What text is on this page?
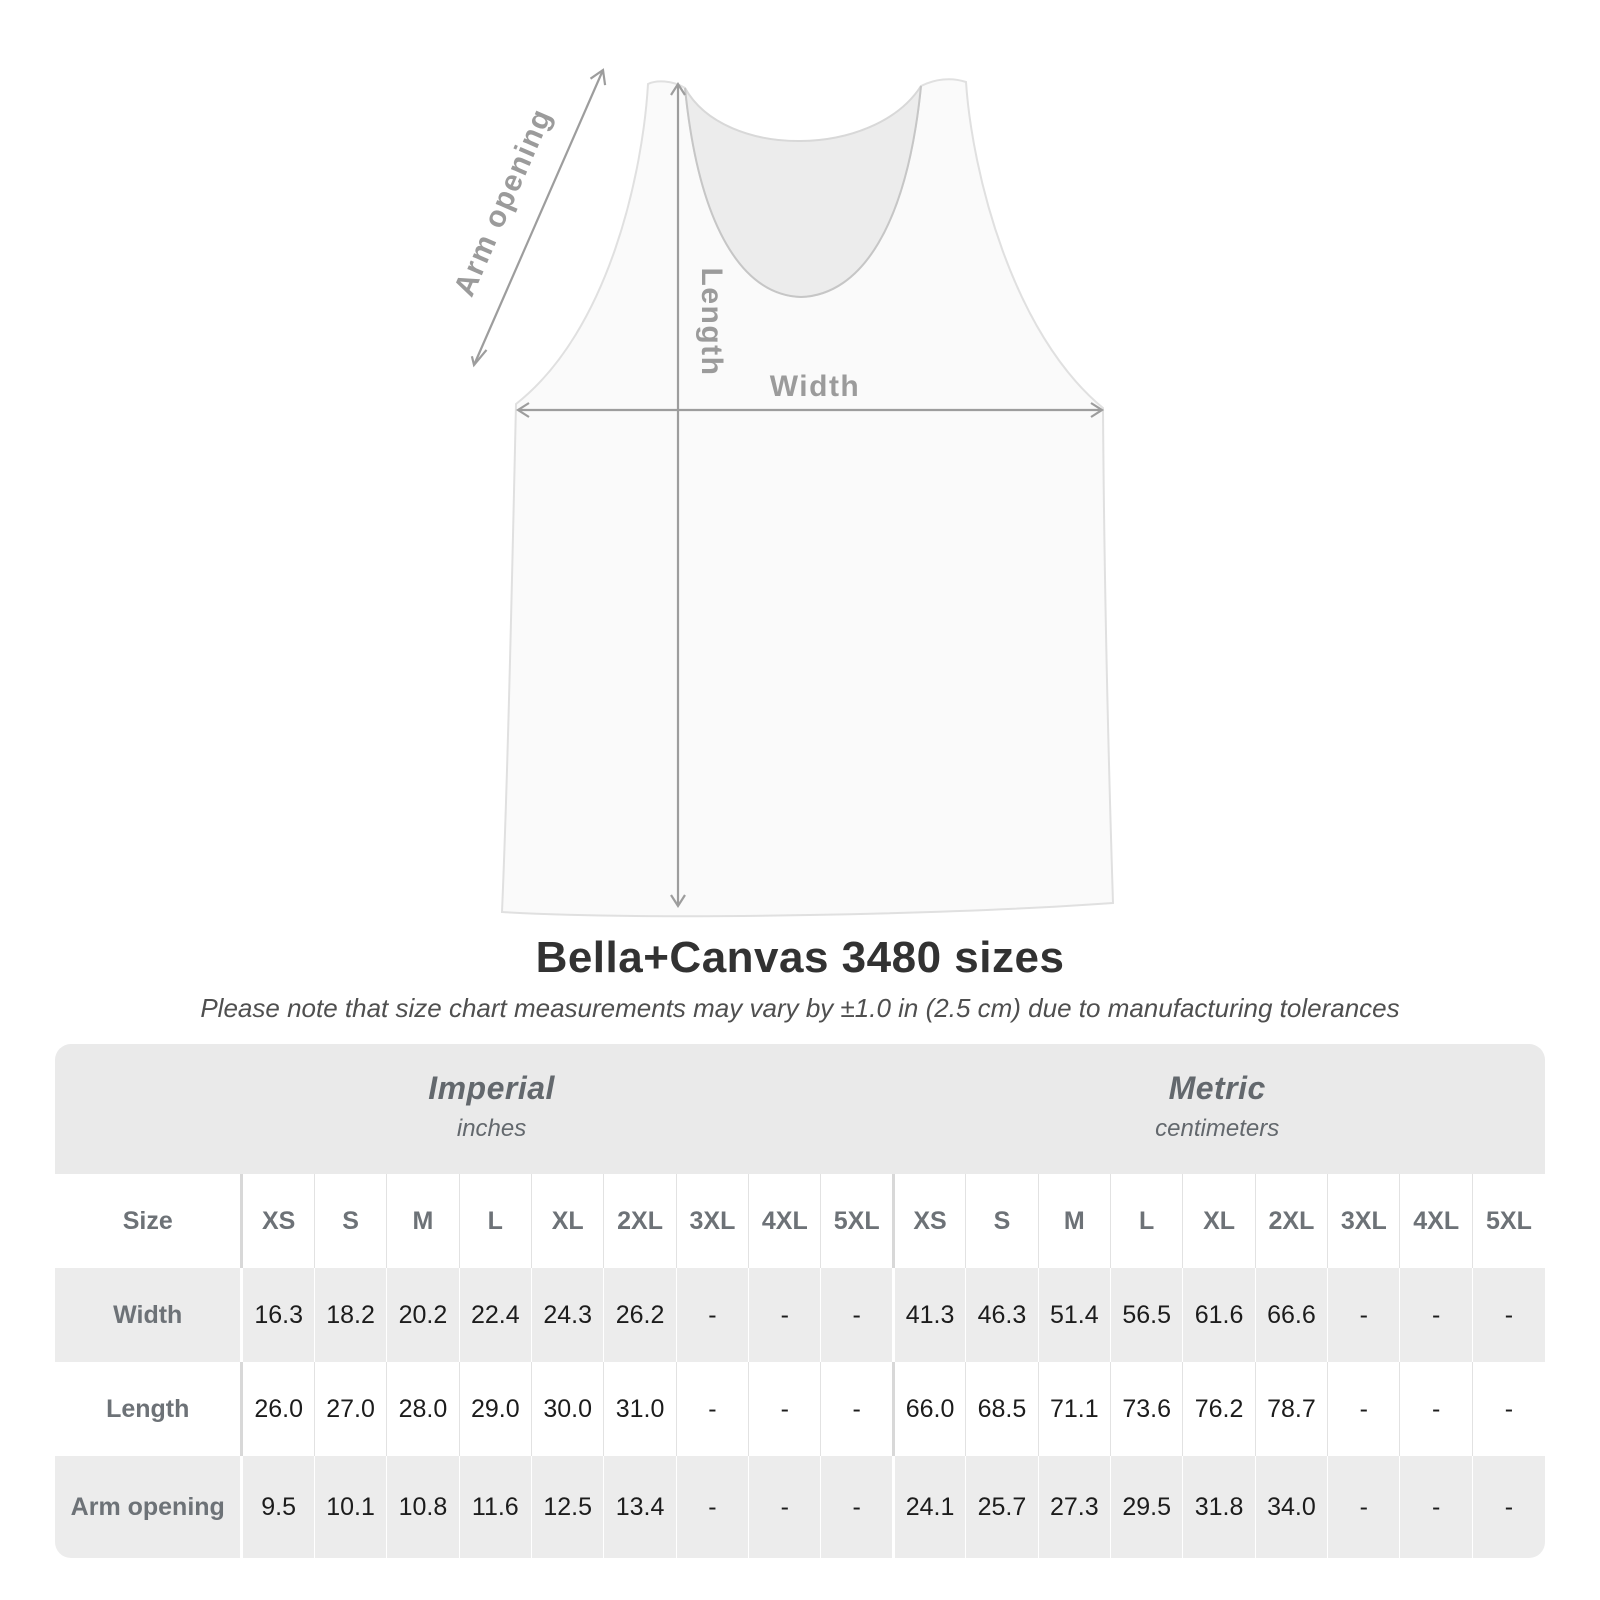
Arm opening
Length
Width
Bella+Canvas 3480 sizes
Please note that size chart measurements may vary by ±1.0 in (2.5 cm) due to manufacturing tolerances
Imperial
inches
Metric
centimeters
Size	XS	S	M	L	XL	2XL	3XL	4XL	5XL	XS	S	M	L	XL	2XL	3XL	4XL	5XL
Width	16.3	18.2	20.2	22.4	24.3	26.2	-	-	-	41.3	46.3	51.4	56.5	61.6	66.6	-	-	-
Length	26.0	27.0	28.0	29.0	30.0	31.0	-	-	-	66.0	68.5	71.1	73.6	76.2	78.7	-	-	-
Arm opening	9.5	10.1	10.8	11.6	12.5	13.4	-	-	-	24.1	25.7	27.3	29.5	31.8	34.0	-	-	-
